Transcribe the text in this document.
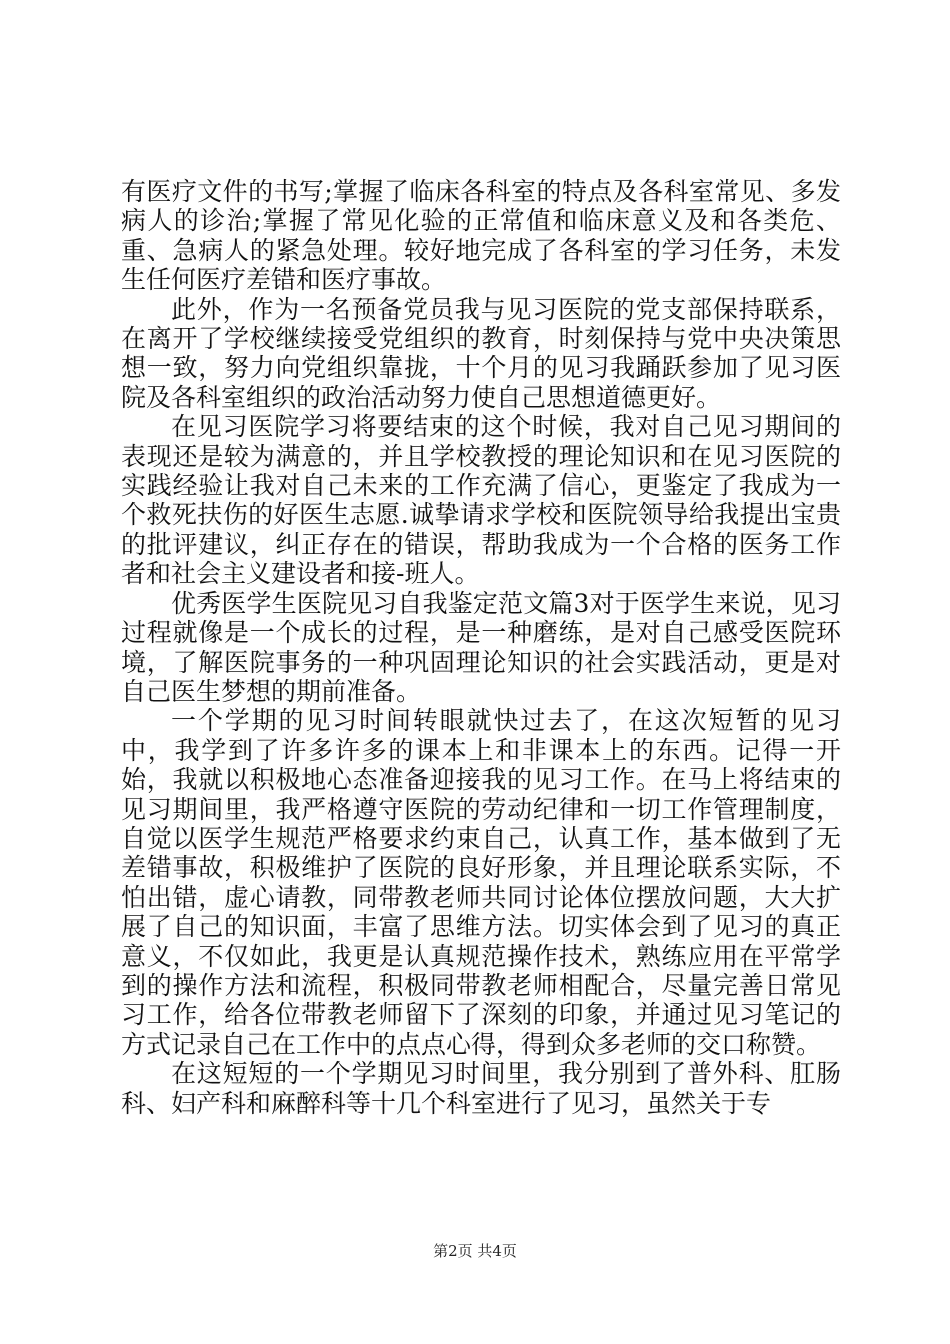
有医疗文件的书写;掌握了临床各科室的特点及各科室常见、多发病人的诊治;掌握了常见化验的正常值和临床意义及和各类危、重、急病人的紧急处理。较好地完成了各科室的学习任务，未发生任何医疗差错和医疗事故。

此外，作为一名预备党员我与见习医院的党支部保持联系，在离开了学校继续接受党组织的教育，时刻保持与党中央决策思想一致，努力向党组织靠拢，十个月的见习我踊跃参加了见习医院及各科室组织的政治活动努力使自己思想道德更好。

在见习医院学习将要结束的这个时候，我对自己见习期间的表现还是较为满意的，并且学校教授的理论知识和在见习医院的实践经验让我对自己未来的工作充满了信心，更鉴定了我成为一个救死扶伤的好医生志愿.诚挚请求学校和医院领导给我提出宝贵的批评建议，纠正存在的错误，帮助我成为一个合格的医务工作者和社会主义建设者和接-班人。

优秀医学生医院见习自我鉴定范文篇3对于医学生来说，见习过程就像是一个成长的过程，是一种磨练，是对自己感受医院环境，了解医院事务的一种巩固理论知识的社会实践活动，更是对自己医生梦想的期前准备。

一个学期的见习时间转眼就快过去了，在这次短暂的见习中，我学到了许多许多的课本上和非课本上的东西。记得一开始，我就以积极地心态准备迎接我的见习工作。在马上将结束的见习期间里，我严格遵守医院的劳动纪律和一切工作管理制度，自觉以医学生规范严格要求约束自己，认真工作，基本做到了无差错事故，积极维护了医院的良好形象，并且理论联系实际，不怕出错，虚心请教，同带教老师共同讨论体位摆放问题，大大扩展了自己的知识面，丰富了思维方法。切实体会到了见习的真正意义，不仅如此，我更是认真规范操作技术，熟练应用在平常学到的操作方法和流程，积极同带教老师相配合，尽量完善日常见习工作，给各位带教老师留下了深刻的印象，并通过见习笔记的方式记录自己在工作中的点点心得，得到众多老师的交口称赞。

在这短短的一个学期见习时间里，我分别到了普外科、肛肠科、妇产科和麻醉科等十几个科室进行了见习，虽然关于专

第2页 共4页
